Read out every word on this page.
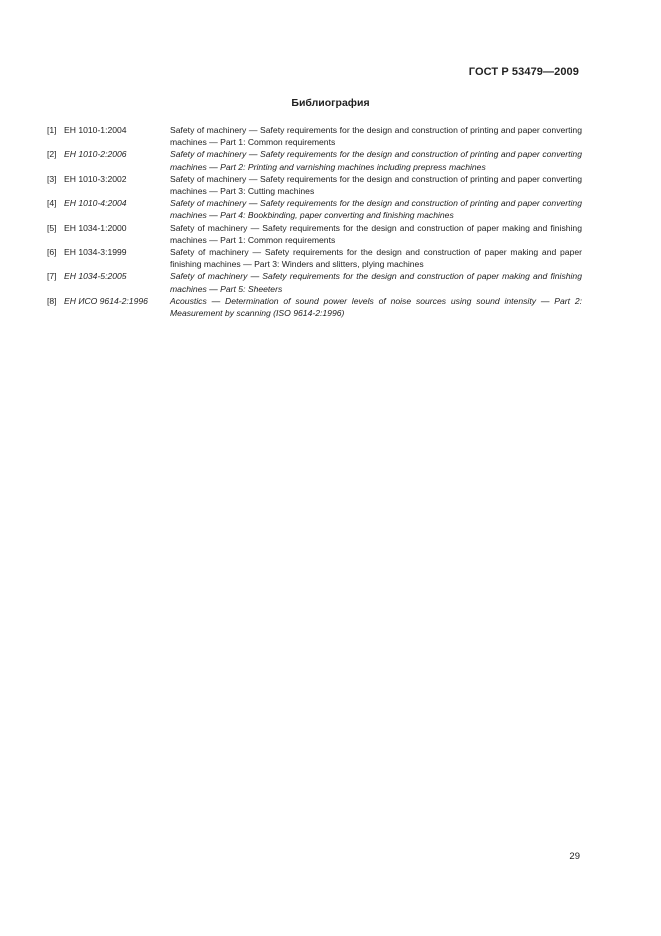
ГОСТ Р 53479—2009
Библиография
[1] ЕН 1010-1:2004	Safety of machinery — Safety requirements for the design and construction of printing and paper converting machines — Part 1: Common requirements
[2] ЕН 1010-2:2006	Safety of machinery — Safety requirements for the design and construction of printing and paper converting machines — Part 2: Printing and varnishing machines including prepress machines
[3] ЕН 1010-3:2002	Safety of machinery — Safety requirements for the design and construction of printing and paper converting machines — Part 3: Cutting machines
[4] ЕН 1010-4:2004	Safety of machinery — Safety requirements for the design and construction of printing and paper converting machines — Part 4: Bookbinding, paper converting and finishing machines
[5] ЕН 1034-1:2000	Safety of machinery — Safety requirements for the design and construction of paper making and finishing machines — Part 1: Common requirements
[6] ЕН 1034-3:1999	Safety of machinery — Safety requirements for the design and construction of paper making and paper finishing machines — Part 3: Winders and slitters, plying machines
[7] ЕН 1034-5:2005	Safety of machinery — Safety requirements for the design and construction of paper making and finishing machines — Part 5: Sheeters
[8] ЕН ИСО 9614-2:1996	Acoustics — Determination of sound power levels of noise sources using sound intensity — Part 2: Measurement by scanning (ISO 9614-2:1996)
29
